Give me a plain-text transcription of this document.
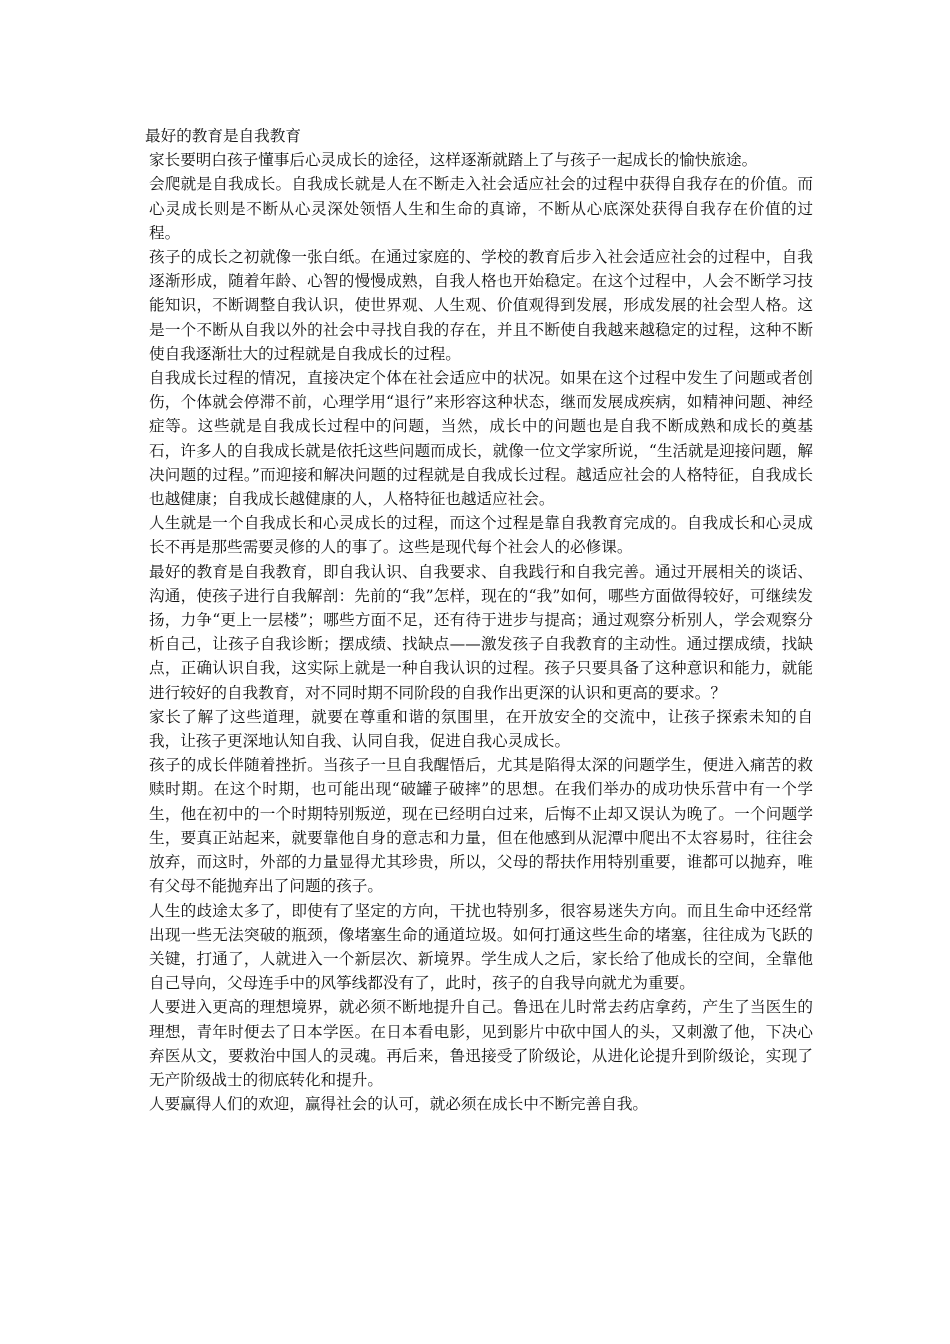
最好的教育是自我教育

家长要明白孩子懂事后心灵成长的途径，这样逐渐就踏上了与孩子一起成长的愉快旅途。

会爬就是自我成长。自我成长就是人在不断走入社会适应社会的过程中获得自我存在的价值。而心灵成长则是不断从心灵深处领悟人生和生命的真谛，不断从心底深处获得自我存在价值的过程。

孩子的成长之初就像一张白纸。在通过家庭的、学校的教育后步入社会适应社会的过程中，自我逐渐形成，随着年龄、心智的慢慢成熟，自我人格也开始稳定。在这个过程中，人会不断学习技能知识，不断调整自我认识，使世界观、人生观、价值观得到发展，形成发展的社会型人格。这是一个不断从自我以外的社会中寻找自我的存在，并且不断使自我越来越稳定的过程，这种不断使自我逐渐壮大的过程就是自我成长的过程。

自我成长过程的情况，直接决定个体在社会适应中的状况。如果在这个过程中发生了问题或者创伤，个体就会停滞不前，心理学用“退行”来形容这种状态，继而发展成疾病，如精神问题、神经症等。这些就是自我成长过程中的问题，当然，成长中的问题也是自我不断成熟和成长的奠基石，许多人的自我成长就是依托这些问题而成长，就像一位文学家所说，“生活就是迎接问题，解决问题的过程。”而迎接和解决问题的过程就是自我成长过程。越适应社会的人格特征，自我成长也越健康；自我成长越健康的人，人格特征也越适应社会。

人生就是一个自我成长和心灵成长的过程，而这个过程是靠自我教育完成的。自我成长和心灵成长不再是那些需要灵修的人的事了。这些是现代每个社会人的必修课。

最好的教育是自我教育，即自我认识、自我要求、自我践行和自我完善。通过开展相关的谈话、沟通，使孩子进行自我解剖：先前的“我”怎样，现在的“我”如何，哪些方面做得较好，可继续发扬，力争“更上一层楼”；哪些方面不足，还有待于进步与提高；通过观察分析别人，学会观察分析自己，让孩子自我诊断；摆成绩、找缺点——激发孩子自我教育的主动性。通过摆成绩，找缺点，正确认识自我，这实际上就是一种自我认识的过程。孩子只要具备了这种意识和能力，就能进行较好的自我教育，对不同时期不同阶段的自我作出更深的认识和更高的要求。？

家长了解了这些道理，就要在尊重和谐的氛围里，在开放安全的交流中，让孩子探索未知的自我，让孩子更深地认知自我、认同自我，促进自我心灵成长。

孩子的成长伴随着挫折。当孩子一旦自我醒悟后，尤其是陷得太深的问题学生，便进入痛苦的救赎时期。在这个时期，也可能出现“破罐子破摔”的思想。在我们举办的成功快乐营中有一个学生，他在初中的一个时期特别叛逆，现在已经明白过来，后悔不止却又误认为晚了。一个问题学生，要真正站起来，就要靠他自身的意志和力量，但在他感到从泥潭中爬出不太容易时，往往会放弃，而这时，外部的力量显得尤其珍贵，所以，父母的帮扶作用特别重要，谁都可以抛弃，唯有父母不能抛弃出了问题的孩子。

人生的歧途太多了，即使有了坚定的方向，干扰也特别多，很容易迷失方向。而且生命中还经常出现一些无法突破的瓶颈，像堵塞生命的通道垃圾。如何打通这些生命的堵塞，往往成为飞跃的关键，打通了，人就进入一个新层次、新境界。学生成人之后，家长给了他成长的空间，全靠他自己导向，父母连手中的风筝线都没有了，此时，孩子的自我导向就尤为重要。

人要进入更高的理想境界，就必须不断地提升自己。鲁迅在儿时常去药店拿药，产生了当医生的理想，青年时便去了日本学医。在日本看电影，见到影片中砍中国人的头，又刺激了他，下决心弃医从文，要救治中国人的灵魂。再后来，鲁迅接受了阶级论，从进化论提升到阶级论，实现了无产阶级战士的彻底转化和提升。

人要赢得人们的欢迎，赢得社会的认可，就必须在成长中不断完善自我。
